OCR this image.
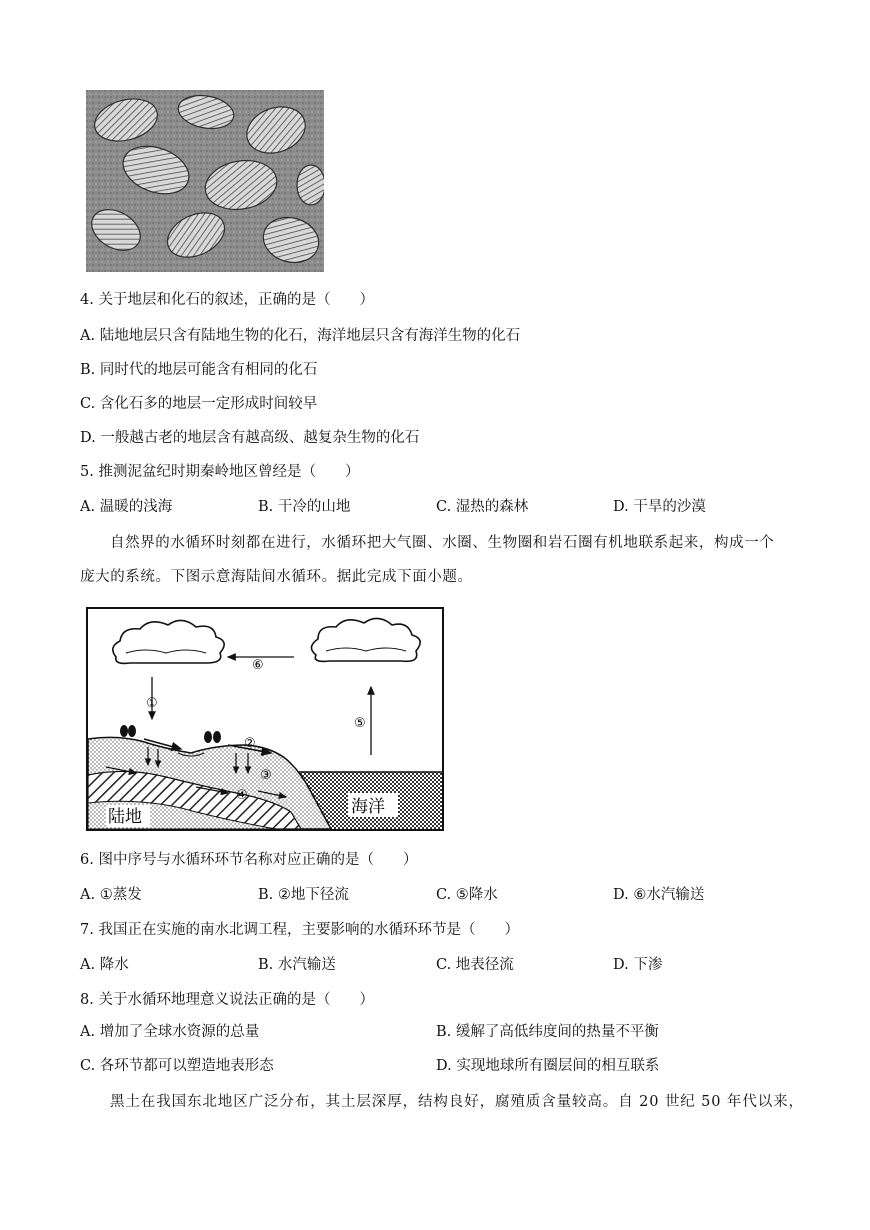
4. 关于地层和化石的叙述，正确的是（　　）
A. 陆地地层只含有陆地生物的化石，海洋地层只含有海洋生物的化石
B. 同时代的地层可能含有相同的化石
C. 含化石多的地层一定形成时间较早
D. 一般越古老的地层含有越高级、越复杂生物的化石
5. 推测泥盆纪时期秦岭地区曾经是（　　）
A. 温暖的浅海	B. 干冷的山地	C. 湿热的森林	D. 干旱的沙漠
自然界的水循环时刻都在进行，水循环把大气圈、水圈、生物圈和岩石圈有机地联系起来，构成一个
庞大的系统。下图示意海陆间水循环。据此完成下面小题。
⑥
①
⑤
②
③
④
陆地	海洋
6. 图中序号与水循环环节名称对应正确的是（　　）
A. ①蒸发	B. ②地下径流	C. ⑤降水	D. ⑥水汽输送
7. 我国正在实施的南水北调工程，主要影响的水循环环节是（　　）
A. 降水	B. 水汽输送	C. 地表径流	D. 下渗
8. 关于水循环地理意义说法正确的是（　　）
A. 增加了全球水资源的总量	B. 缓解了高低纬度间的热量不平衡
C. 各环节都可以塑造地表形态	D. 实现地球所有圈层间的相互联系
黑土在我国东北地区广泛分布，其土层深厚，结构良好，腐殖质含量较高。自 20 世纪 50 年代以来，
